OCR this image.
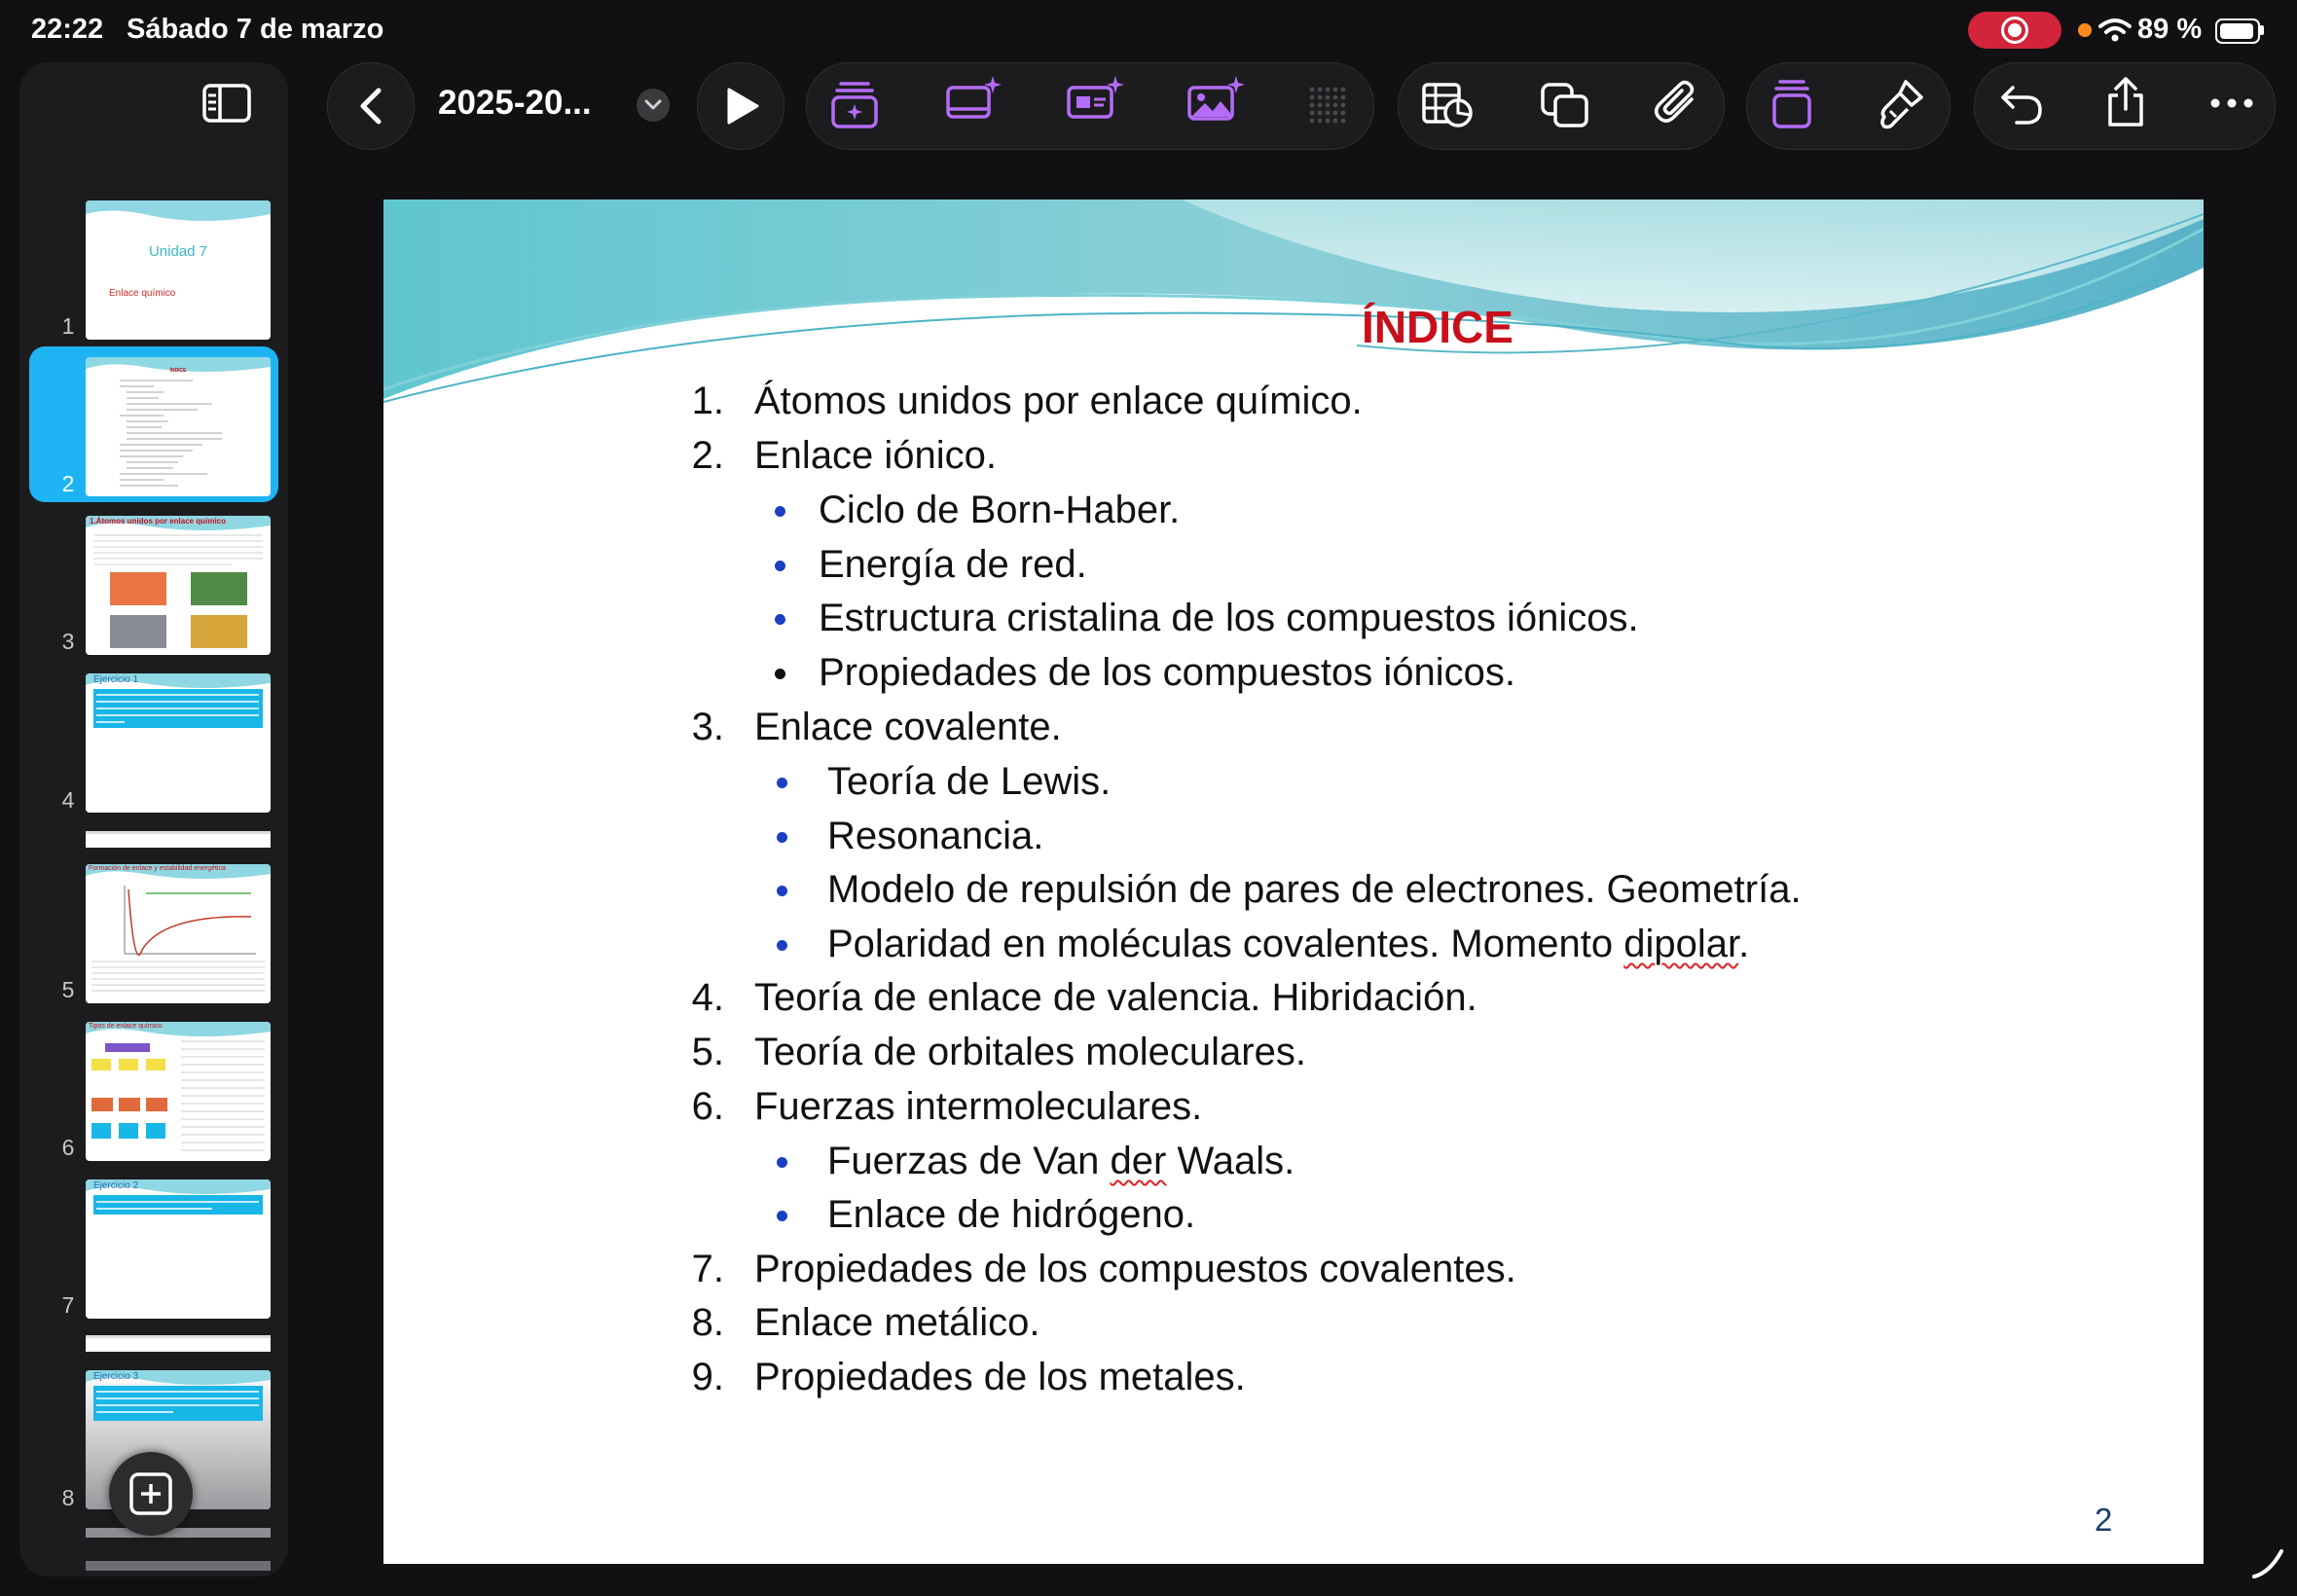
22:22 Sábado 7 de marzo	89 %
Unidad 7
Enlace químico
1
ÍNDICE
2
1.Átomos unidos por enlace químico
3
Ejercicio 1
4
Formación de enlace y estabilidad energética
5
Tipos de enlace químico
6
Ejercicio 2
7
Ejercicio 3
8
2025-20...
ÍNDICE
1. Átomos unidos por enlace químico.
2. Enlace iónico.
Ciclo de Born-Haber.
Energía de red.
Estructura cristalina de los compuestos iónicos.
Propiedades de los compuestos iónicos.
3. Enlace covalente.
Teoría de Lewis.
Resonancia.
Modelo de repulsión de pares de electrones. Geometría.
Polaridad en moléculas covalentes. Momento dipolar.
4. Teoría de enlace de valencia. Hibridación.
5. Teoría de orbitales moleculares.
6. Fuerzas intermoleculares.
Fuerzas de Van der Waals.
Enlace de hidrógeno.
7. Propiedades de los compuestos covalentes.
8. Enlace metálico.
9. Propiedades de los metales.
2
